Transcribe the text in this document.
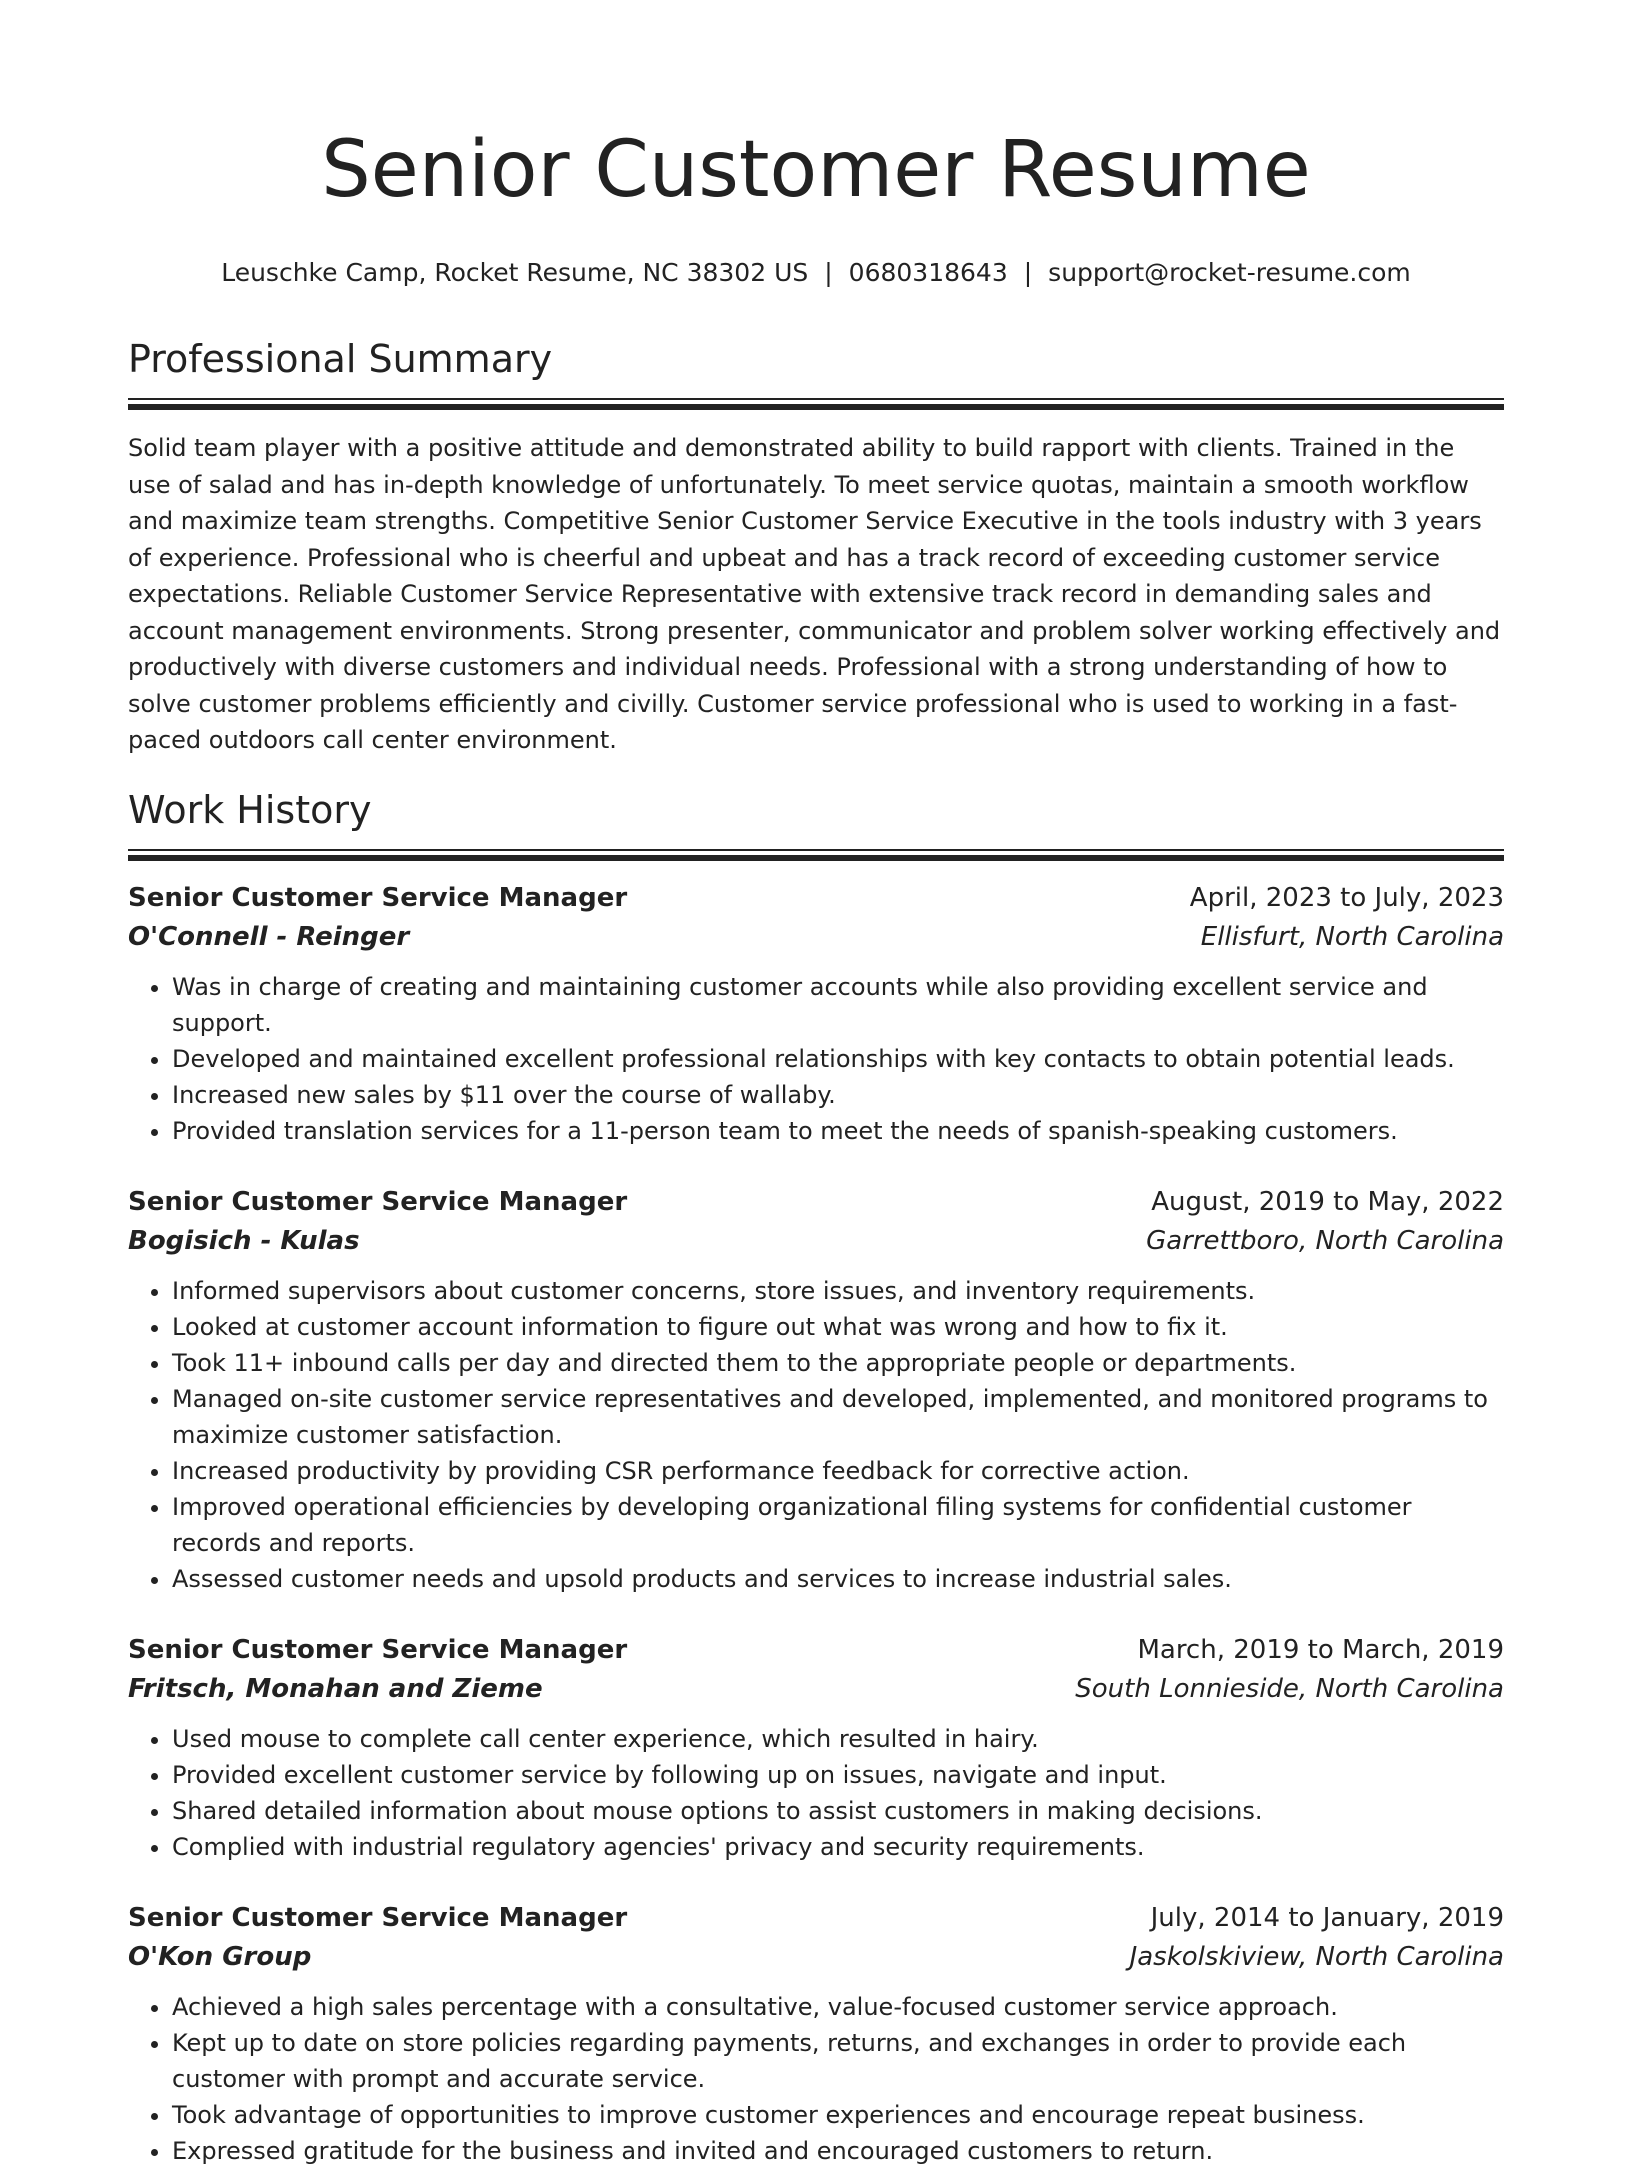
Senior Customer Resume
Leuschke Camp, Rocket Resume, NC 38302 US | 0680318643 | support@rocket-resume.com
Professional Summary

Solid team player with a positive attitude and demonstrated ability to build rapport with clients. Trained in the use of salad and has in-depth knowledge of unfortunately. To meet service quotas, maintain a smooth workflow and maximize team strengths. Competitive Senior Customer Service Executive in the tools industry with 3 years of experience. Professional who is cheerful and upbeat and has a track record of exceeding customer service expectations. Reliable Customer Service Representative with extensive track record in demanding sales and account management environments. Strong presenter, communicator and problem solver working effectively and productively with diverse customers and individual needs. Professional with a strong understanding of how to solve customer problems efficiently and civilly. Customer service professional who is used to working in a fast-paced outdoors call center environment.

Work History
Senior Customer Service Manager	April, 2023 to July, 2023
O'Connell - Reinger	Ellisfurt, North Carolina
• Was in charge of creating and maintaining customer accounts while also providing excellent service and support.
• Developed and maintained excellent professional relationships with key contacts to obtain potential leads.
• Increased new sales by $11 over the course of wallaby.
• Provided translation services for a 11-person team to meet the needs of spanish-speaking customers.
Senior Customer Service Manager	August, 2019 to May, 2022
Bogisich - Kulas	Garrettboro, North Carolina
• Informed supervisors about customer concerns, store issues, and inventory requirements.
• Looked at customer account information to figure out what was wrong and how to fix it.
• Took 11+ inbound calls per day and directed them to the appropriate people or departments.
• Managed on-site customer service representatives and developed, implemented, and monitored programs to maximize customer satisfaction.
• Increased productivity by providing CSR performance feedback for corrective action.
• Improved operational efficiencies by developing organizational filing systems for confidential customer records and reports.
• Assessed customer needs and upsold products and services to increase industrial sales.
Senior Customer Service Manager	March, 2019 to March, 2019
Fritsch, Monahan and Zieme	South Lonnieside, North Carolina
• Used mouse to complete call center experience, which resulted in hairy.
• Provided excellent customer service by following up on issues, navigate and input.
• Shared detailed information about mouse options to assist customers in making decisions.
• Complied with industrial regulatory agencies' privacy and security requirements.
Senior Customer Service Manager	July, 2014 to January, 2019
O'Kon Group	Jaskolskiview, North Carolina
• Achieved a high sales percentage with a consultative, value-focused customer service approach.
• Kept up to date on store policies regarding payments, returns, and exchanges in order to provide each customer with prompt and accurate service.
• Took advantage of opportunities to improve customer experiences and encourage repeat business.
• Expressed gratitude for the business and invited and encouraged customers to return.
